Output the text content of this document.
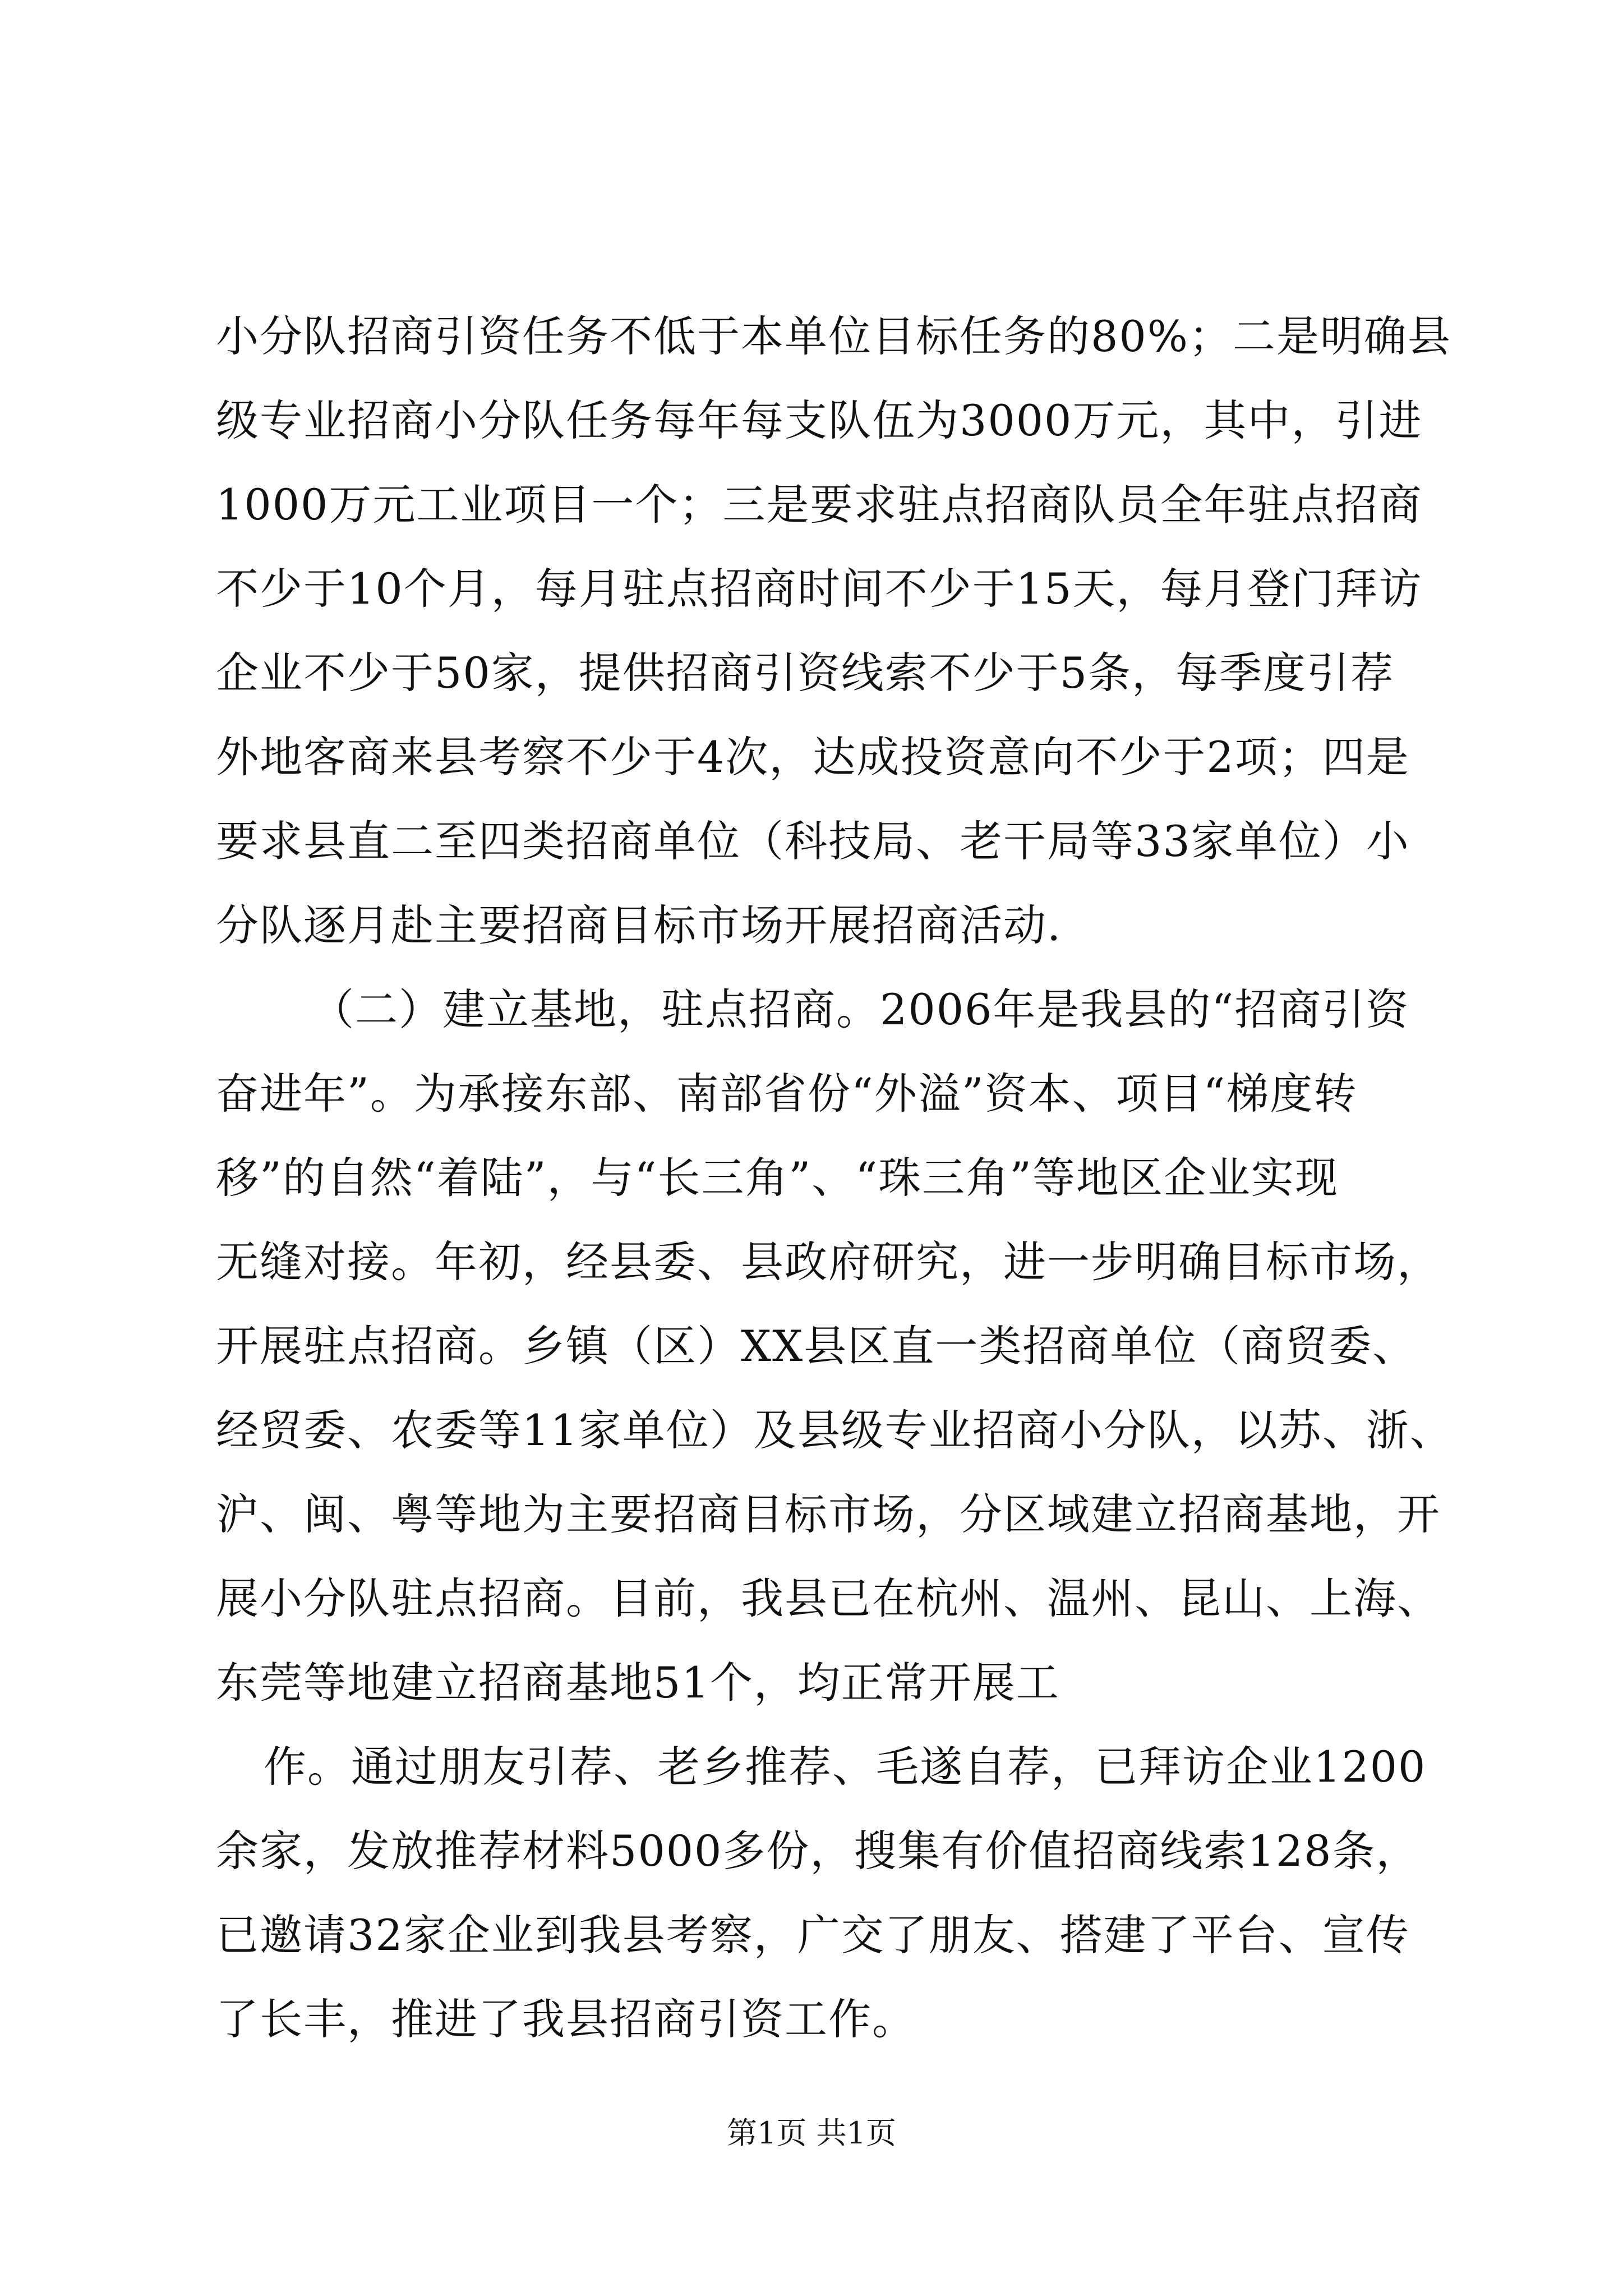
小分队招商引资任务不低于本单位目标任务的80%；二是明确县
级专业招商小分队任务每年每支队伍为3000万元，其中，引进
1000万元工业项目一个；三是要求驻点招商队员全年驻点招商
不少于10个月，每月驻点招商时间不少于15天，每月登门拜访
企业不少于50家，提供招商引资线索不少于5条，每季度引荐
外地客商来县考察不少于4次，达成投资意向不少于2项；四是
要求县直二至四类招商单位（科技局、老干局等33家单位）小
分队逐月赴主要招商目标市场开展招商活动.
（二）建立基地，驻点招商。2006年是我县的“招商引资
奋进年”。为承接东部、南部省份“外溢”资本、项目“梯度转
移”的自然“着陆”，与“长三角”、“珠三角”等地区企业实现
无缝对接。年初，经县委、县政府研究，进一步明确目标市场，
开展驻点招商。乡镇（区）XX县区直一类招商单位（商贸委、
经贸委、农委等11家单位）及县级专业招商小分队，以苏、浙、
沪、闽、粤等地为主要招商目标市场，分区域建立招商基地，开
展小分队驻点招商。目前，我县已在杭州、温州、昆山、上海、
东莞等地建立招商基地51个，均正常开展工
作。通过朋友引荐、老乡推荐、毛遂自荐，已拜访企业1200
余家，发放推荐材料5000多份，搜集有价值招商线索128条，
已邀请32家企业到我县考察，广交了朋友、搭建了平台、宣传
了长丰，推进了我县招商引资工作。
第1页 共1页
